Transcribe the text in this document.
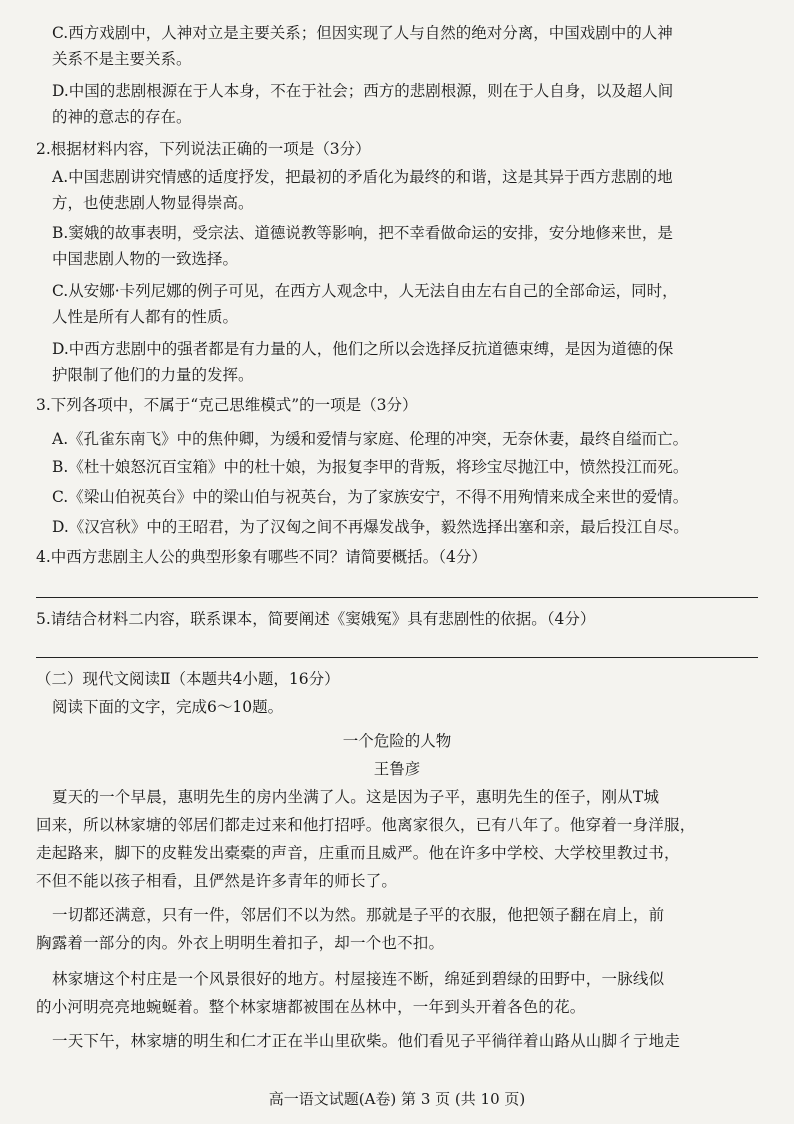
C.西方戏剧中，人神对立是主要关系；但因实现了人与自然的绝对分离，中国戏剧中的人神
关系不是主要关系。
D.中国的悲剧根源在于人本身，不在于社会；西方的悲剧根源，则在于人自身，以及超人间
的神的意志的存在。
2.根据材料内容，下列说法正确的一项是（3分）
A.中国悲剧讲究情感的适度抒发，把最初的矛盾化为最终的和谐，这是其异于西方悲剧的地
方，也使悲剧人物显得崇高。
B.窦娥的故事表明，受宗法、道德说教等影响，把不幸看做命运的安排，安分地修来世，是
中国悲剧人物的一致选择。
C.从安娜·卡列尼娜的例子可见，在西方人观念中，人无法自由左右自己的全部命运，同时，
人性是所有人都有的性质。
D.中西方悲剧中的强者都是有力量的人，他们之所以会选择反抗道德束缚，是因为道德的保
护限制了他们的力量的发挥。
3.下列各项中，不属于“克己思维模式”的一项是（3分）
A.《孔雀东南飞》中的焦仲卿，为缓和爱情与家庭、伦理的冲突，无奈休妻，最终自缢而亡。
B.《杜十娘怒沉百宝箱》中的杜十娘，为报复李甲的背叛，将珍宝尽抛江中，愤然投江而死。
C.《梁山伯祝英台》中的梁山伯与祝英台，为了家族安宁，不得不用殉情来成全来世的爱情。
D.《汉宫秋》中的王昭君，为了汉匈之间不再爆发战争，毅然选择出塞和亲，最后投江自尽。
4.中西方悲剧主人公的典型形象有哪些不同？请简要概括。（4分）
5.请结合材料二内容，联系课本，简要阐述《窦娥冤》具有悲剧性的依据。（4分）
（二）现代文阅读Ⅱ（本题共4小题，16分）
阅读下面的文字，完成6～10题。
一个危险的人物
王鲁彦
夏天的一个早晨，惠明先生的房内坐满了人。这是因为子平，惠明先生的侄子，刚从T城
回来，所以林家塘的邻居们都走过来和他打招呼。他离家很久，已有八年了。他穿着一身洋服，
走起路来，脚下的皮鞋发出橐橐的声音，庄重而且威严。他在许多中学校、大学校里教过书，
不但不能以孩子相看，且俨然是许多青年的师长了。
一切都还满意，只有一件，邻居们不以为然。那就是子平的衣服，他把领子翻在肩上，前
胸露着一部分的肉。外衣上明明生着扣子，却一个也不扣。
林家塘这个村庄是一个风景很好的地方。村屋接连不断，绵延到碧绿的田野中，一脉线似
的小河明亮亮地蜿蜒着。整个林家塘都被围在丛林中，一年到头开着各色的花。
一天下午，林家塘的明生和仁才正在半山里砍柴。他们看见子平徜徉着山路从山脚彳亍地走
高一语文试题(A卷) 第 3 页 (共 10 页)
